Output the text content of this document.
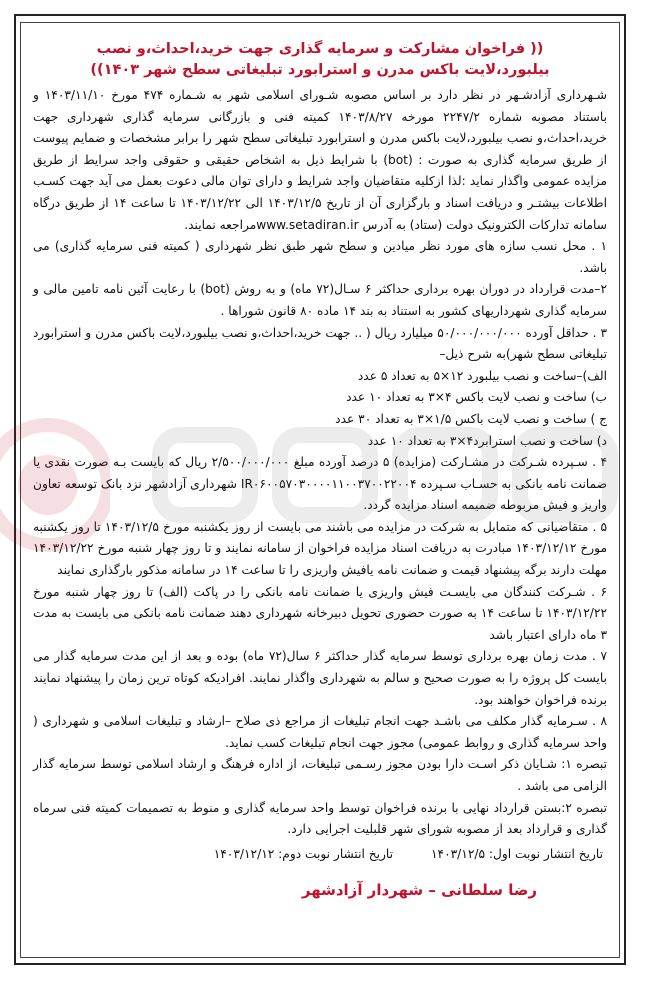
(( فراخوان مشارکت و سرمایه گذاری جهت خرید،احداث،و نصب
بیلبورد،لایت باکس مدرن و استرابورد تبلیغاتی سطح شهر ۱۴۰۳))

شـهرداری آزادشـهر در نظر دارد بر اساس مصوبه شـورای اسلامی شهر به شـماره ۴۷۴ مورخ ۱۴۰۳/۱۱/۱۰ و باستناد مصوبه شماره ۲۲۴۷/۲ مورخه ۱۴۰۳/۸/۲۷ کمیته فنی و بازرگانی سرمایه گذاری شهرداری جهت خرید،احداث،و نصب بیلبورد،لایت باکس مدرن و استرابورد تبلیغاتی سطح شهر را برابر مشخصات و ضمایم پیوست از طریق سرمایه گذاری به صورت : (bot) با شرایط ذیل به اشخاص حقیقی و حقوقی واجد سرایط از طریق مزایده عمومی واگذار نماید :لذا ازکلیه متقاضیان واجد شرایط و دارای توان مالی دعوت بعمل می آید جهت کسـب اطلاعات بیشتـر و دریافت اسناد و بارگزاری آن از تاریخ ۱۴۰۳/۱۲/۵ الی ۱۴۰۳/۱۲/۲۲ تا ساعت ۱۴ از طریق درگاه سامانه تدارکات الکترونیک دولت (ستاد) به آدرس www.setadiran.irمراجعه نمایند.

۱ . محل نسب سازه های مورد نظر میادین و سطح شهر طبق نظر شهرداری ( کمیته فنی سرمایه گذاری) می باشد.

۲–مدت قرارداد در دوران بهره برداری حداکثر ۶ سـال(۷۲ ماه) و به روش (bot) با رعایت آئین نامه تامین مالی و سرمایه گذاری شهرداریهای کشور به استناد به بند ۱۴ ماده ۸۰ قانون شوراها .

۳ . حداقل آورده ۵۰/۰۰۰/۰۰۰/۰۰۰ میلیارد ریال ( .. جهت خرید،احداث،و نصب بیلبورد،لایت باکس مدرن و استرابورد تبلیغاتی سطح شهر)به شرح ذیل–

الف)–ساخت و نصب بیلبورد ۱۲×۵ به تعداد ۵ عدد

ب) ساخت و نصب لایت باکس ۴×۳ به تعداد ۱۰ عدد

ج ) ساخت و نصب لایت باکس ۱/۵×۳ به تعداد ۳۰ عدد

د) ساخت و نصب استرابرد۴×۳ به تعداد ۱۰ عدد

۴ . سـپرده شـرکت در مشـارکت (مزایده) ۵ درصد آورده مبلغ ۲/۵۰۰/۰۰۰/۰۰۰ ریال که بایست بـه صورت نقدی یا ضمانت نامه بانکی به حسـاب سـپرده IR۰۶۰۰۵۷۰۳۰۰۰۰۱۱۰۰۳۷۰۰۲۲۰۰۴ شهرداری آزادشهر نزد بانک توسعه تعاون واریز و فیش مربوطه ضمیمه اسناد مزایده گردد.

۵ . متقاضیانی که متمایل به شرکت در مزایده می باشند می بایست از روز یکشنبه مورخ ۱۴۰۳/۱۲/۵ تا روز یکشنبه مورخ ۱۴۰۳/۱۲/۱۲ مبادرت به دریافت اسناد مزایده فراخوان از سامانه نمایند و تا روز چهار شنبه مورخ ۱۴۰۳/۱۲/۲۲ مهلت دارند برگه پیشنهاد قیمت و ضمانت نامه یافیش واریزی را تا ساعت ۱۴ در سامانه مذکور بارگذاری نمایند

۶ . شـرکت کنندگان می بایسـت فیش واریزی یا ضمانت نامه بانکی را در پاکت (الف) تا روز چهار شنبه مورخ ۱۴۰۳/۱۲/۲۲ تا ساعت ۱۴ به صورت حضوری تحویل دبیرخانه شهرداری دهند ضمانت نامه بانکی می بایست به مدت ۳ ماه دارای اعتبار باشد

۷ . مدت زمان بهره برداری توسط سرمایه گذار حداکثر ۶ سال(۷۲ ماه) بوده و بعد از این مدت سرمایه گذار می بایست کل پروژه را به صورت صحیح و سالم به شهرداری واگذار نمایند. افرادیکه کوتاه ترین زمان را پیشنهاد نمایند برنده فراخوان خواهند بود.

۸ . سـرمایه گذار مکلف می باشـد جهت انجام تبلیغات از مراجع ذی صلاح –ارشاد و تبلیغات اسلامی و شهرداری ( واحد سرمایه گذاری و روابط عمومی) مجوز جهت انجام تبلیغات کسب نماید.

تبصره ۱: شـایان ذکر اسـت دارا بودن مجوز رسـمی تبلیغات، از اداره فرهنگ و ارشاد اسلامی توسط سرمایه گذار الزامی می باشد .

تبصره ۲:بستن قرارداد نهایی با برنده فراخوان توسط واحد سرمایه گذاری و منوط به تصمیمات کمیته فنی سرماه گذاری و قرارداد بعد از مصوبه شورای شهر قلبلیت اجرایی دارد.

تاریخ انتشار نوبت اول: ۱۴۰۳/۱۲/۵
تاریخ انتشار نوبت دوم: ۱۴۰۳/۱۲/۱۲
رضا سلطانی – شهردار آزادشهر
